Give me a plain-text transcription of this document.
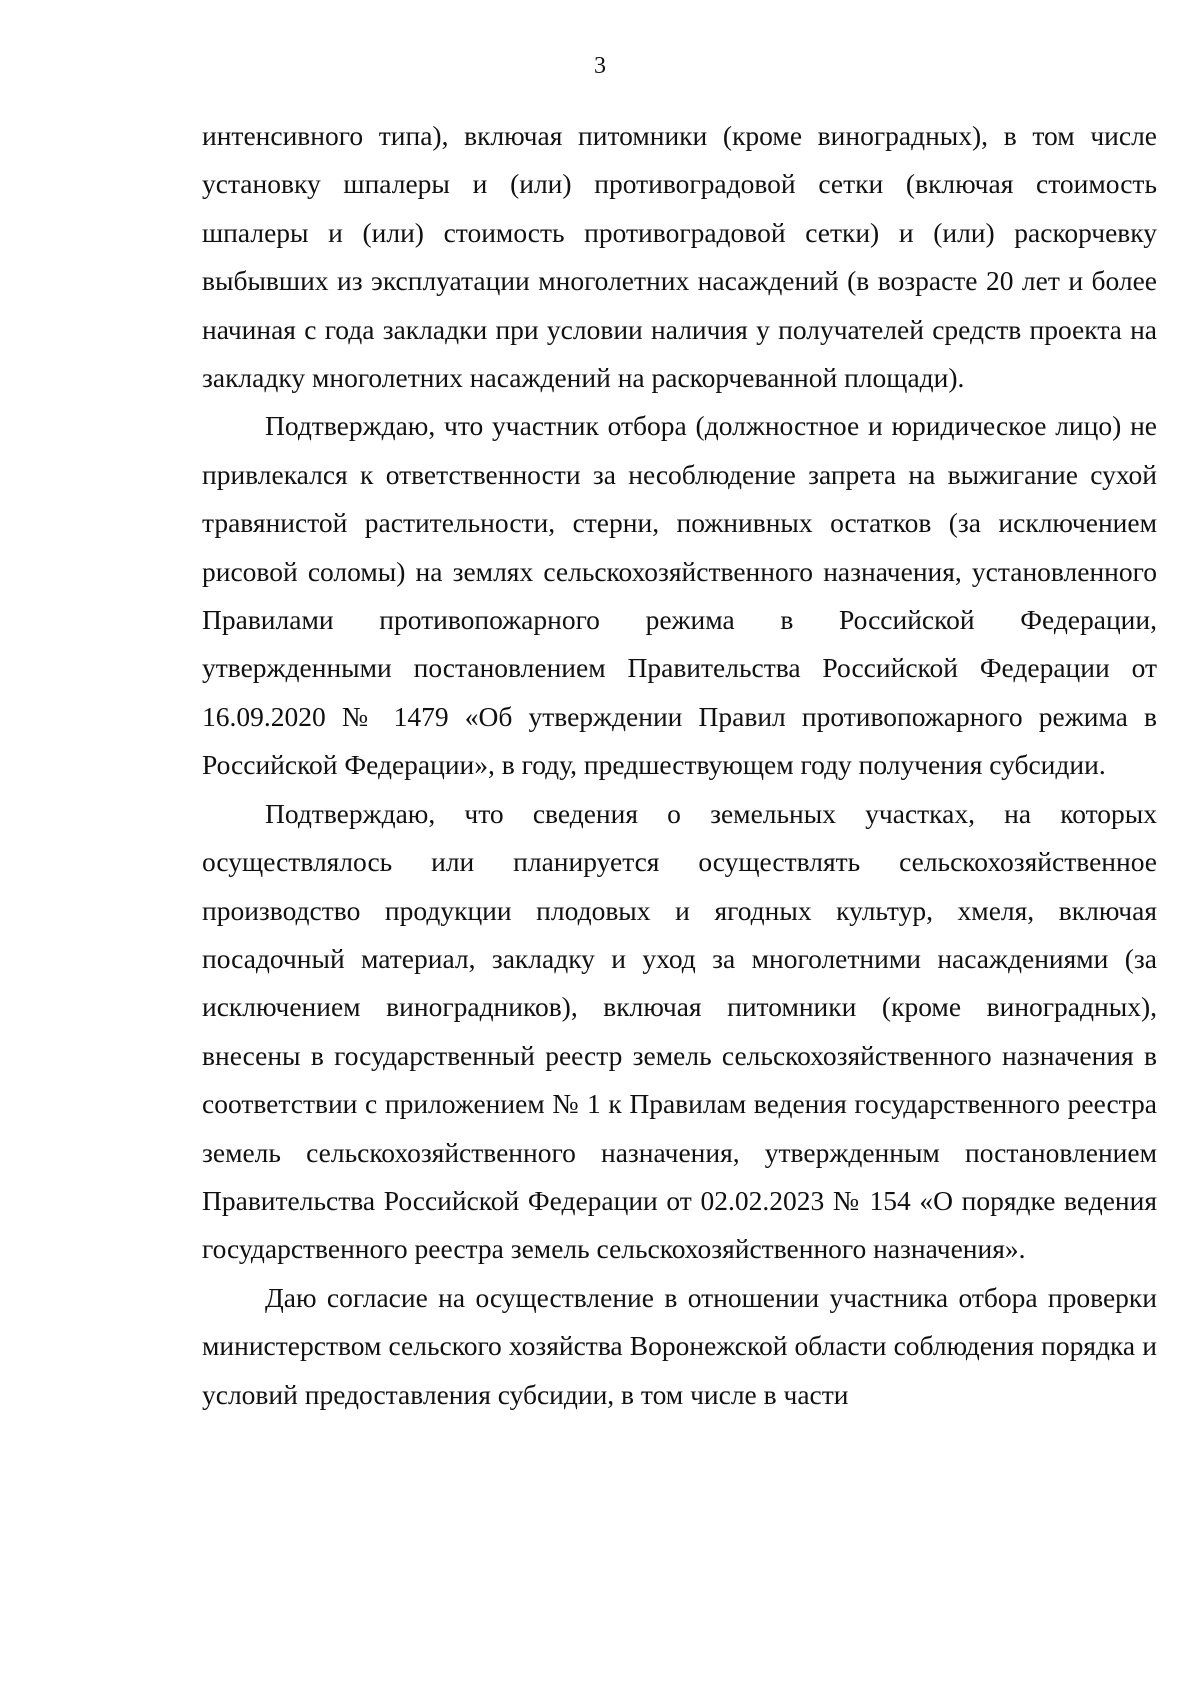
3

интенсивного типа), включая питомники (кроме виноградных), в том числе установку шпалеры и (или) противоградовой сетки (включая стоимость шпалеры и (или) стоимость противоградовой сетки) и (или) раскорчевку выбывших из эксплуатации многолетних насаждений (в возрасте 20 лет и более начиная с года закладки при условии наличия у получателей средств проекта на закладку многолетних насаждений на раскорчеванной площади).

Подтверждаю, что участник отбора (должностное и юридическое лицо) не привлекался к ответственности за несоблюдение запрета на выжигание сухой травянистой растительности, стерни, пожнивных остатков (за исключением рисовой соломы) на землях сельскохозяйственного назначения, установленного Правилами противопожарного режима в Российской Федерации, утвержденными постановлением Правительства Российской Федерации от 16.09.2020 № 1479 «Об утверждении Правил противопожарного режима в Российской Федерации», в году, предшествующем году получения субсидии.

Подтверждаю, что сведения о земельных участках, на которых осуществлялось или планируется осуществлять сельскохозяйственное производство продукции плодовых и ягодных культур, хмеля, включая посадочный материал, закладку и уход за многолетними насаждениями (за исключением виноградников), включая питомники (кроме виноградных), внесены в государственный реестр земель сельскохозяйственного назначения в соответствии с приложением № 1 к Правилам ведения государственного реестра земель сельскохозяйственного назначения, утвержденным постановлением Правительства Российской Федерации от 02.02.2023 № 154 «О порядке ведения государственного реестра земель сельскохозяйственного назначения».

Даю согласие на осуществление в отношении участника отбора проверки министерством сельского хозяйства Воронежской области соблюдения порядка и условий предоставления субсидии, в том числе в части
